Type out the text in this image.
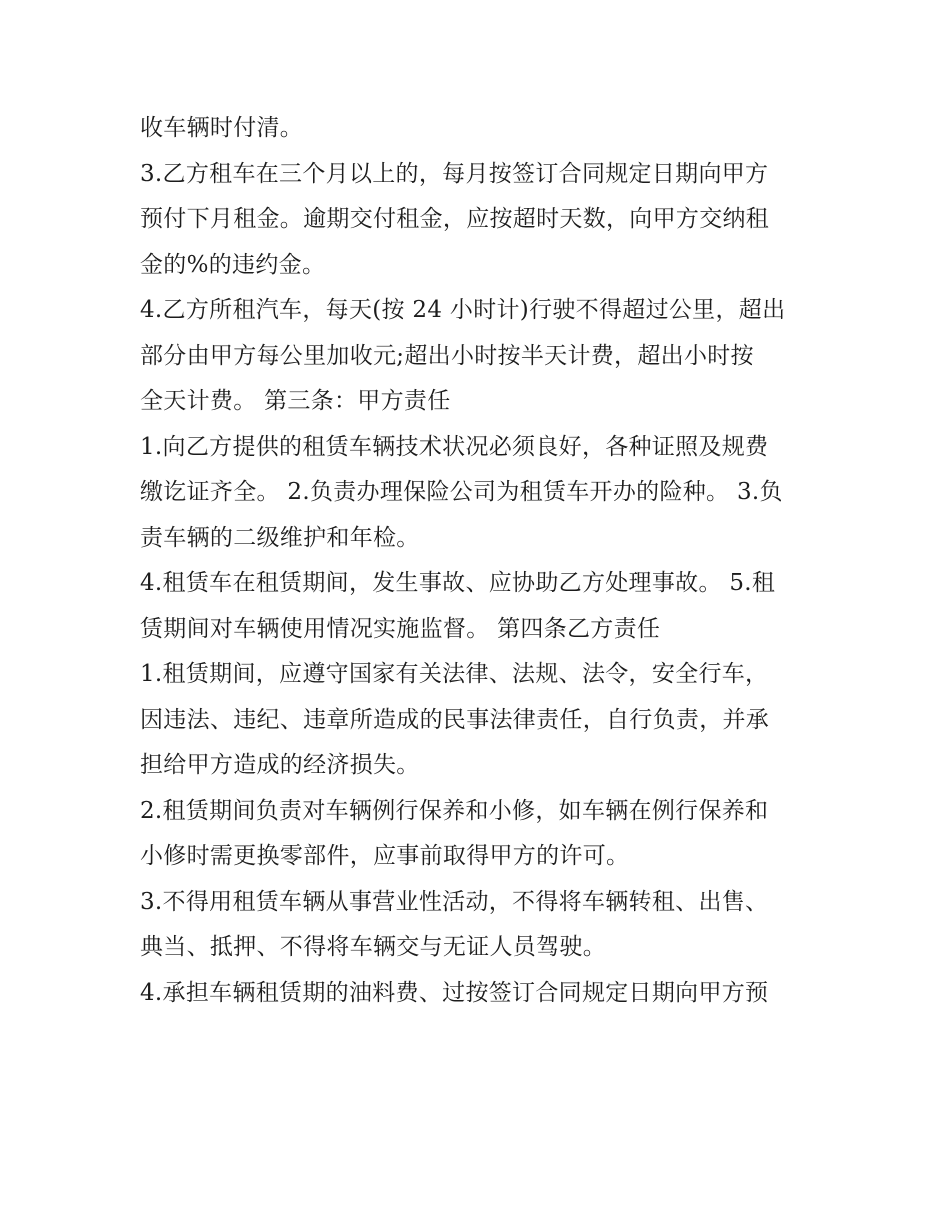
收车辆时付清。

3.乙方租车在三个月以上的，每月按签订合同规定日期向甲方

预付下月租金。逾期交付租金，应按超时天数，向甲方交纳租

金的%的违约金。

4.乙方所租汽车，每天(按 24 小时计)行驶不得超过公里，超出

部分由甲方每公里加收元;超出小时按半天计费，超出小时按

全天计费。 第三条：甲方责任

1.向乙方提供的租赁车辆技术状况必须良好，各种证照及规费

缴讫证齐全。 2.负责办理保险公司为租赁车开办的险种。 3.负

责车辆的二级维护和年检。

4.租赁车在租赁期间，发生事故、应协助乙方处理事故。 5.租

赁期间对车辆使用情况实施监督。 第四条乙方责任

1.租赁期间，应遵守国家有关法律、法规、法令，安全行车，

因违法、违纪、违章所造成的民事法律责任，自行负责，并承

担给甲方造成的经济损失。

2.租赁期间负责对车辆例行保养和小修，如车辆在例行保养和

小修时需更换零部件，应事前取得甲方的许可。

3.不得用租赁车辆从事营业性活动，不得将车辆转租、出售、

典当、抵押、不得将车辆交与无证人员驾驶。

4.承担车辆租赁期的油料费、过按签订合同规定日期向甲方预
